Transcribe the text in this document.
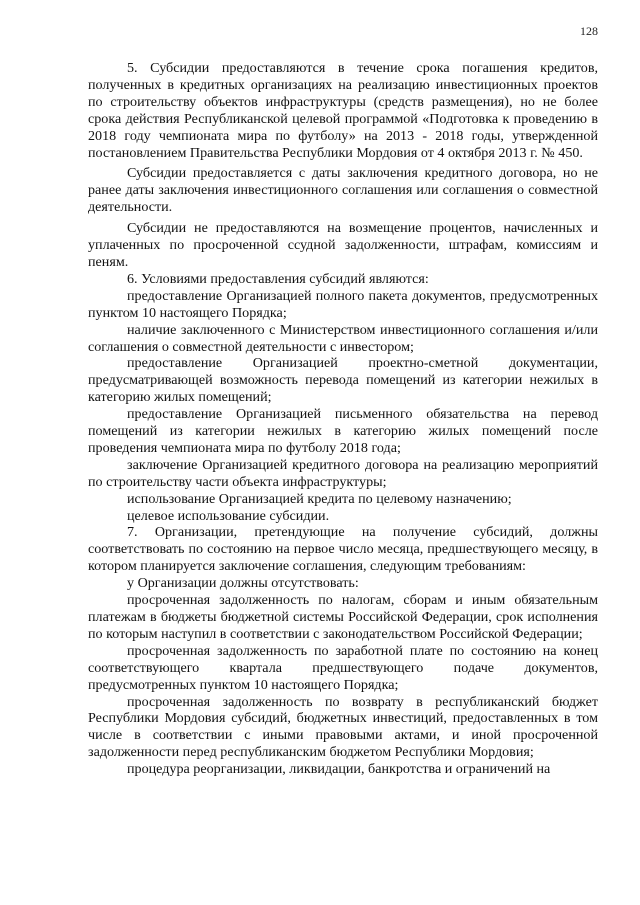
128

5. Субсидии предоставляются в течение срока погашения кредитов, полученных в кредитных организациях на реализацию инвестиционных проектов по строительству объектов инфраструктуры (средств размещения), но не более срока действия Республиканской целевой программой «Подготовка к проведению в 2018 году чемпионата мира по футболу» на 2013 - 2018 годы, утвержденной постановлением Правительства Республики Мордовия от 4 октября 2013 г. № 450.

Субсидии предоставляется с даты заключения кредитного договора, но не ранее даты заключения инвестиционного соглашения или соглашения о совместной деятельности.

Субсидии не предоставляются на возмещение процентов, начисленных и уплаченных по просроченной ссудной задолженности, штрафам, комиссиям и пеням.

6. Условиями предоставления субсидий являются:

предоставление Организацией полного пакета документов, предусмотренных пунктом 10 настоящего Порядка;

наличие заключенного с Министерством инвестиционного соглашения и/или соглашения о совместной деятельности с инвестором;

предоставление Организацией проектно-сметной документации, предусматривающей возможность перевода помещений из категории нежилых в категорию жилых помещений;

предоставление Организацией письменного обязательства на перевод помещений из категории нежилых в категорию жилых помещений после проведения чемпионата мира по футболу 2018 года;

заключение Организацией кредитного договора на реализацию мероприятий по строительству части объекта инфраструктуры;

использование Организацией кредита по целевому назначению;

целевое использование субсидии.

7. Организации, претендующие на получение субсидий, должны соответствовать по состоянию на первое число месяца, предшествующего месяцу, в котором планируется заключение соглашения, следующим требованиям:

у Организации должны отсутствовать:

просроченная задолженность по налогам, сборам и иным обязательным платежам в бюджеты бюджетной системы Российской Федерации, срок исполнения по которым наступил в соответствии с законодательством Российской Федерации;

просроченная задолженность по заработной плате по состоянию на конец соответствующего квартала предшествующего подаче документов, предусмотренных пунктом 10 настоящего Порядка;

просроченная задолженность по возврату в республиканский бюджет Республики Мордовия субсидий, бюджетных инвестиций, предоставленных в том числе в соответствии с иными правовыми актами, и иной просроченной задолженности перед республиканским бюджетом Республики Мордовия;

процедура реорганизации, ликвидации, банкротства и ограничений на
